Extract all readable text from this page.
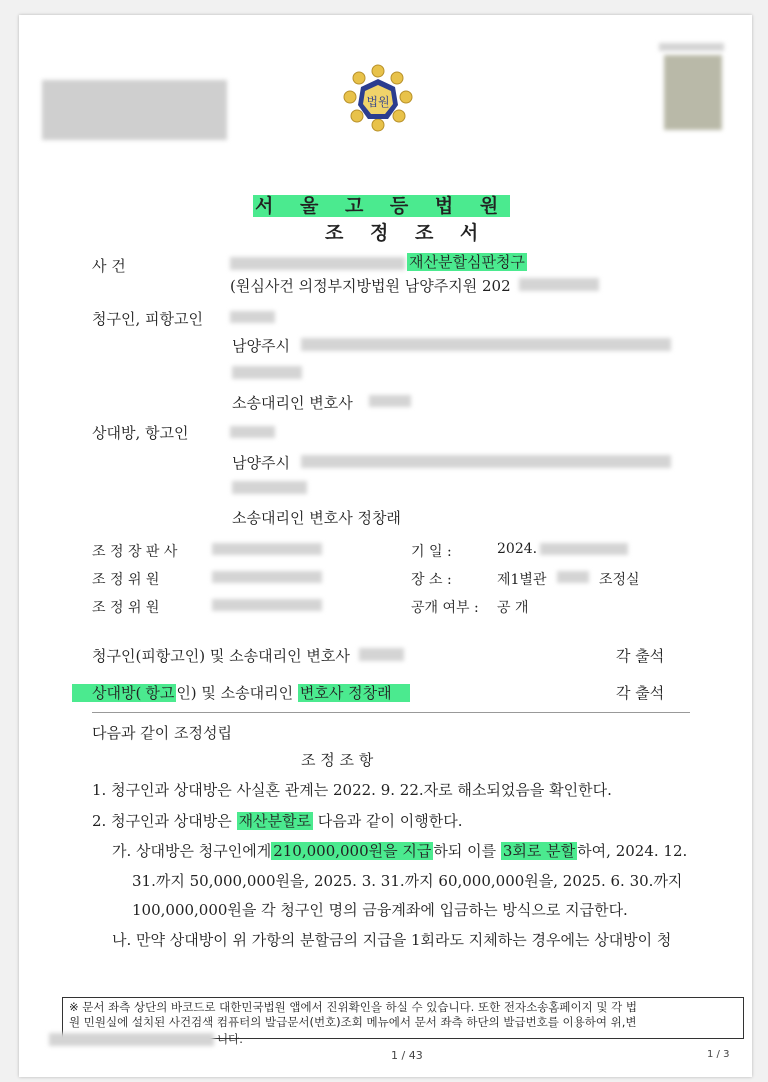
법원
서 울 고 등 법 원
조 정 조 서
사 건	재산분할심판청구
(원심사건 의정부지방법원 남양주지원 202
청구인, 피항고인
남양주시
소송대리인 변호사
상대방, 항고인
남양주시
소송대리인 변호사 정창래
조 정 장 판 사
조 정 위 원
조 정 위 원
기 일 :	2024.
장 소 :	제1별관	조정실
공개 여부 : 공 개
청구인(피항고인) 및 소송대리인 변호사	각 출석
상대방( 항고 인) 및 소송대리인 변호사 정창래	각 출석
다음과 같이 조정성립
조 정 조 항
1. 청구인과 상대방은 사실혼 관계는 2022. 9. 22.자로 해소되었음을 확인한다.
2. 청구인과 상대방은 재산분할로 다음과 같이 이행한다.
가. 상대방은 청구인에게 210,000,000원을 지급 하되 이를 3회로 분할 하여, 2024. 12.
31.까지 50,000,000원을, 2025. 3. 31.까지 60,000,000원을, 2025. 6. 30.까지
100,000,000원을 각 청구인 명의 금융계좌에 입금하는 방식으로 지급한다.
나. 만약 상대방이 위 가항의 분할금의 지급을 1회라도 지체하는 경우에는 상대방이 청
※ 문서 좌측 상단의 바코드로 대한민국법원 앱에서 진위확인을 하실 수 있습니다. 또한 전자소송홈페이지 및 각 법
원 민원실에 설치된 사건검색 컴퓨터의 발급문서(번호)조회 메뉴에서 문서 좌측 하단의 발급번호를 이용하여 위,변
니다.
1 / 43	1 / 3
